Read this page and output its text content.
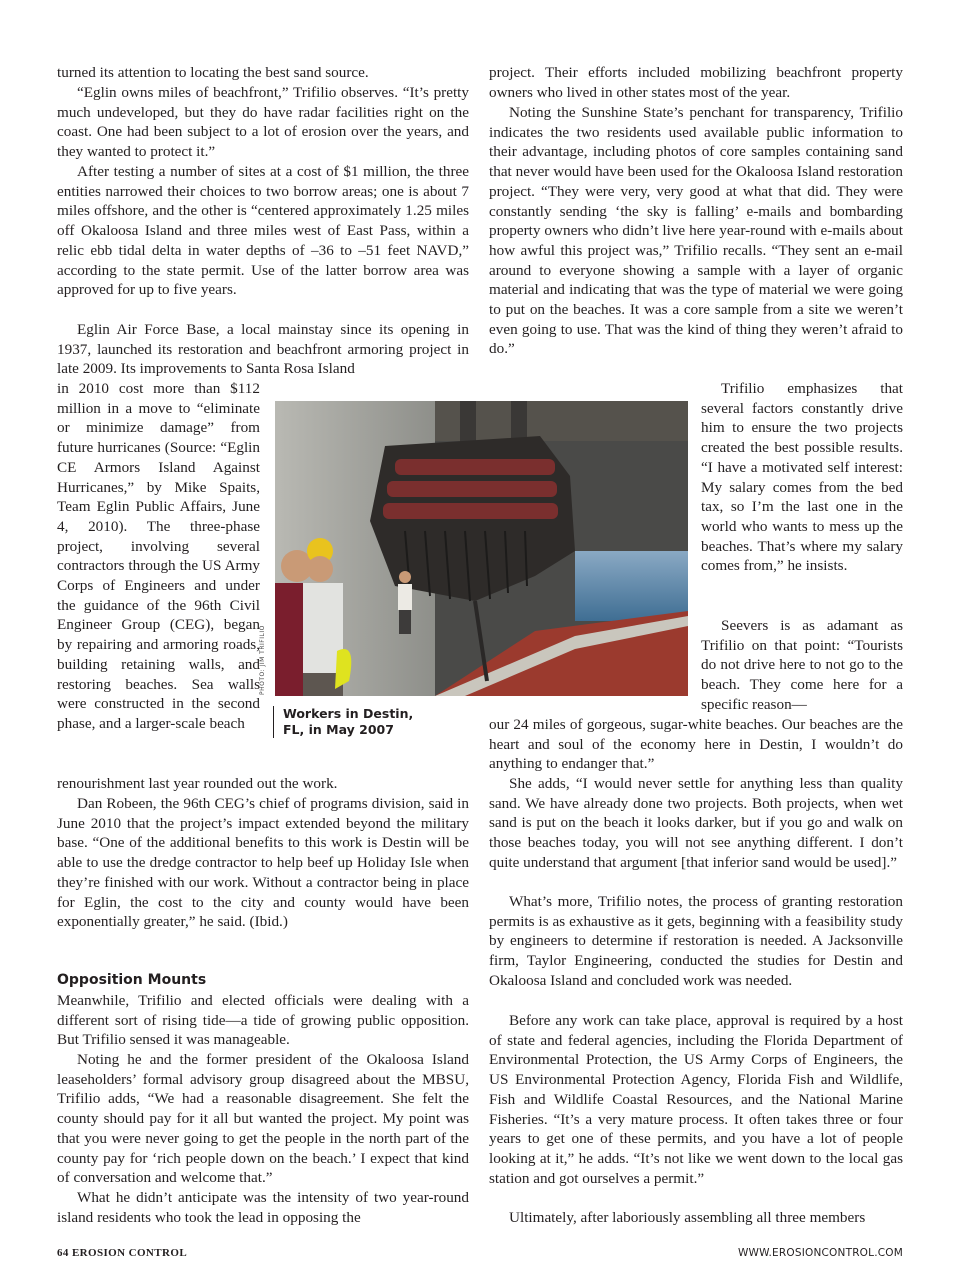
turned its attention to locating the best sand source.

“Eglin owns miles of beachfront,” Trifilio observes. “It’s pretty much undeveloped, but they do have radar facilities right on the coast. One had been subject to a lot of erosion over the years, and they wanted to protect it.”

After testing a number of sites at a cost of $1 million, the three entities narrowed their choices to two borrow areas; one is about 7 miles offshore, and the other is “centered approximately 1.25 miles off Okaloosa Island and three miles west of East Pass, within a relic ebb tidal delta in water depths of –36 to –51 feet NAVD,” according to the state permit. Use of the latter borrow area was approved for up to five years.

Eglin Air Force Base, a local mainstay since its opening in 1937, launched its restoration and beachfront armoring project in late 2009. Its improvements to Santa Rosa Island

in 2010 cost more than $112 million in a move to “eliminate or minimize damage” from future hurricanes (Source: “Eglin CE Armors Island Against Hurricanes,” by Mike Spaits, Team Eglin Public Affairs, June 4, 2010). The three-phase project, involving several contractors through the US Army Corps of Engineers and under the guidance of the 96th Civil Engineer Group (CEG), began by repairing and armoring roads, building retaining walls, and restoring beaches. Sea walls were constructed in the second phase, and a larger-scale beach

renourishment last year rounded out the work.

Dan Robeen, the 96th CEG’s chief of programs division, said in June 2010 that the project’s impact extended beyond the military base. “One of the additional benefits to this work is Destin will be able to use the dredge contractor to help beef up Holiday Isle when they’re finished with our work. Without a contractor being in place for Eglin, the cost to the city and county would have been exponentially greater,” he said. (Ibid.)

Opposition Mounts

Meanwhile, Trifilio and elected officials were dealing with a different sort of rising tide—a tide of growing public opposition. But Trifilio sensed it was manageable.

Noting he and the former president of the Okaloosa Island leaseholders’ formal advisory group disagreed about the MBSU, Trifilio adds, “We had a reasonable disagreement. She felt the county should pay for it all but wanted the project. My point was that you were never going to get the people in the north part of the county pay for ‘rich people down on the beach.’ I expect that kind of conversation and welcome that.”

What he didn’t anticipate was the intensity of two year-round island residents who took the lead in opposing the

project. Their efforts included mobilizing beachfront property owners who lived in other states most of the year.

Noting the Sunshine State’s penchant for transparency, Trifilio indicates the two residents used available public information to their advantage, including photos of core samples containing sand that never would have been used for the Okaloosa Island restoration project. “They were very, very good at what that did. They were constantly sending ‘the sky is falling’ e-mails and bombarding property owners who didn’t live here year-round with e-mails about how awful this project was,” Trifilio recalls. “They sent an e-mail around to everyone showing a sample with a layer of organic material and indicating that was the type of material we were going to put on the beaches. It was a core sample from a site we weren’t even going to use. That was the kind of thing they weren’t afraid to do.”

Trifilio emphasizes that several factors constantly drive him to ensure the two projects created the best possible results. “I have a motivated self interest: My salary comes from the bed tax, so I’m the last one in the world who wants to mess up the beaches. That’s where my salary comes from,” he insists.

Seevers is as adamant as Trifilio on that point: “Tourists do not drive here to not go to the beach. They come here for a specific reason—

our 24 miles of gorgeous, sugar-white beaches. Our beaches are the heart and soul of the economy here in Destin, I wouldn’t do anything to endanger that.”

She adds, “I would never settle for anything less than quality sand. We have already done two projects. Both projects, when wet sand is put on the beach it looks darker, but if you go and walk on those beaches today, you will not see anything different. I don’t quite understand that argument [that inferior sand would be used].”

What’s more, Trifilio notes, the process of granting restoration permits is as exhaustive as it gets, beginning with a feasibility study by engineers to determine if restoration is needed. A Jacksonville firm, Taylor Engineering, conducted the studies for Destin and Okaloosa Island and concluded work was needed.

Before any work can take place, approval is required by a host of state and federal agencies, including the Florida Department of Environmental Protection, the US Army Corps of Engineers, the US Environmental Protection Agency, Florida Fish and Wildlife, Fish and Wildlife Coastal Resources, and the National Marine Fisheries. “It’s a very mature process. It often takes three or four years to get one of these permits, and you have a lot of people looking at it,” he adds. “It’s not like we went down to the local gas station and got ourselves a permit.”

Ultimately, after laboriously assembling all three members

PHOTO: JIM TRIFILIO
Workers in Destin, FL, in May 2007
64 EROSION CONTROL	WWW.EROSIONCONTROL.COM
